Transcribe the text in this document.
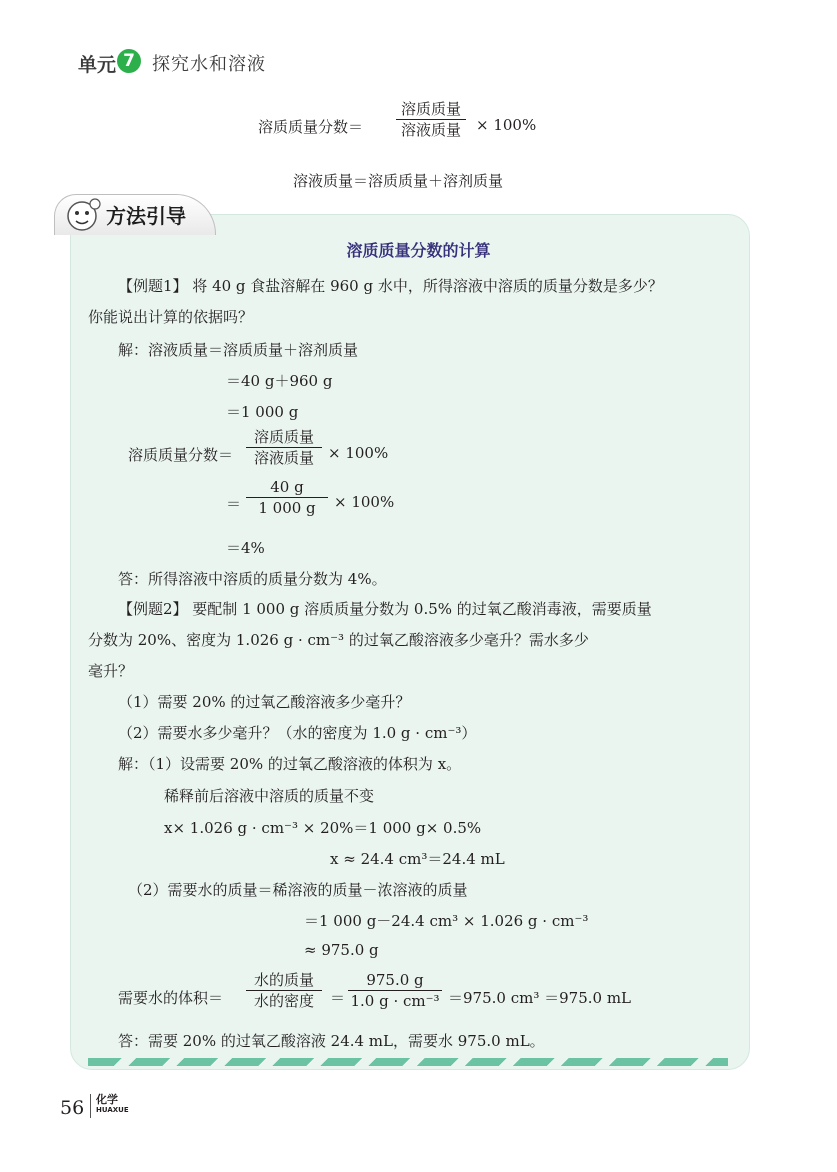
单元 7 探究水和溶液
溶质质量分数＝
溶质质量
溶液质量	× 100%
溶液质量＝溶质质量＋溶剂质量
方法引导
溶质质量分数的计算
【例题1】 将 40 g 食盐溶解在 960 g 水中，所得溶液中溶质的质量分数是多少？
你能说出计算的依据吗？
解：溶液质量＝溶质质量＋溶剂质量
＝40 g＋960 g
＝1 000 g
溶质质量分数＝
溶质质量
溶液质量 × 100%
＝
40 g
1 000 g	× 100%
＝4%
答：所得溶液中溶质的质量分数为 4%。
【例题2】 要配制 1 000 g 溶质质量分数为 0.5% 的过氧乙酸消毒液，需要质量
分数为 20%、密度为 1.026 g · cm⁻³ 的过氧乙酸溶液多少毫升？需水多少
毫升？
（1）需要 20% 的过氧乙酸溶液多少毫升？
（2）需要水多少毫升？（水的密度为 1.0 g · cm⁻³）
解：（1）设需要 20% 的过氧乙酸溶液的体积为 x。
稀释前后溶液中溶质的质量不变
x× 1.026 g · cm⁻³ × 20%＝1 000 g× 0.5%
x ≈ 24.4 cm³＝24.4 mL
（2）需要水的质量＝稀溶液的质量－浓溶液的质量
＝1 000 g－24.4 cm³ × 1.026 g · cm⁻³
≈ 975.0 g
需要水的体积＝
水的质量
水的密度	＝
975.0 g
1.0 g · cm⁻³ ＝975.0 cm³ ＝975.0 mL
答：需要 20% 的过氧乙酸溶液 24.4 mL，需要水 975.0 mL。
56 化学
HUAXUE
